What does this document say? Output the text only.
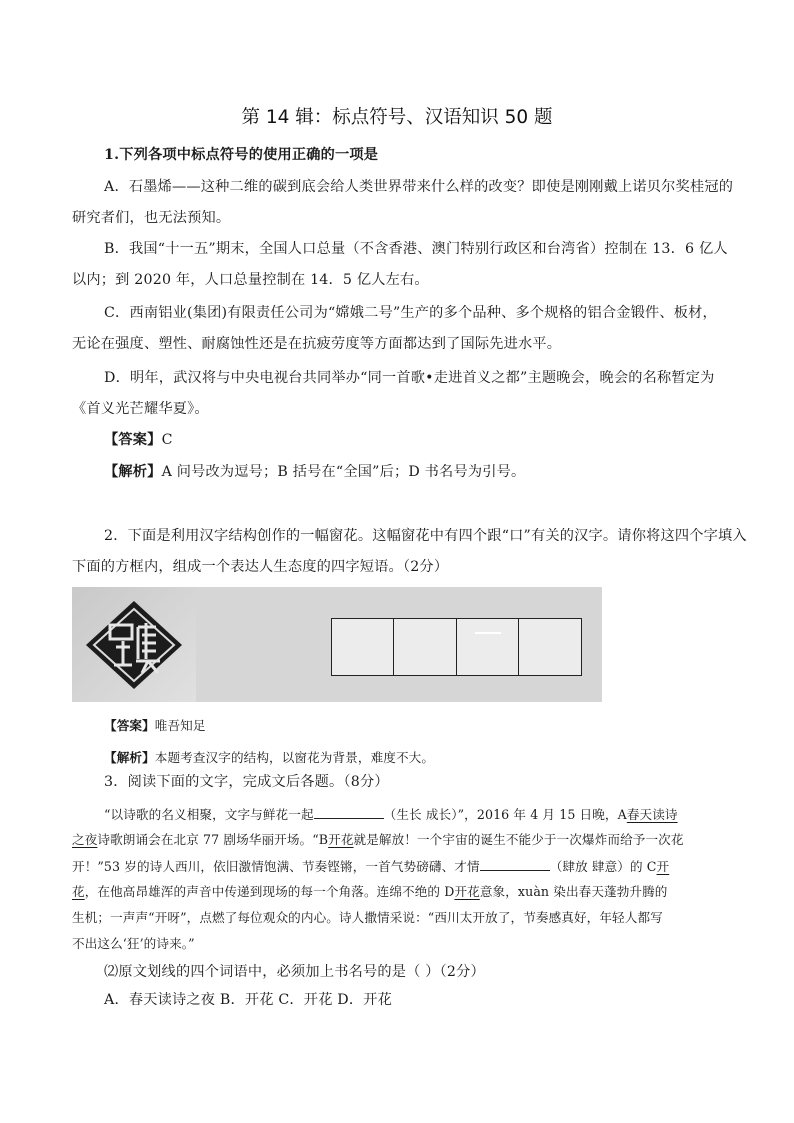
第 14 辑：标点符号、汉语知识 50 题
1.下列各项中标点符号的使用正确的一项是
A．石墨烯——这种二维的碳到底会给人类世界带来什么样的改变？即使是刚刚戴上诺贝尔奖桂冠的
研究者们，也无法预知。
B．我国“十一五”期末，全国人口总量（不含香港、澳门特别行政区和台湾省）控制在 13．6 亿人
以内；到 2020 年，人口总量控制在 14．5 亿人左右。
C．西南铝业(集团)有限责任公司为“嫦娥二号”生产的多个品种、多个规格的铝合金锻件、板材，
无论在强度、塑性、耐腐蚀性还是在抗疲劳度等方面都达到了国际先进水平。
D．明年，武汉将与中央电视台共同举办“同一首歌•走进首义之都”主题晚会，晚会的名称暂定为
《首义光芒耀华夏》。
【答案】C
【解析】A 问号改为逗号；B 括号在“全国”后；D 书名号为引号。
2．下面是利用汉字结构创作的一幅窗花。这幅窗花中有四个跟“口”有关的汉字。请你将这四个字填入
下面的方框内，组成一个表达人生态度的四字短语。（2分）
【答案】唯吾知足
【解析】本题考查汉字的结构，以窗花为背景，难度不大。
3．阅读下面的文字，完成文后各题。（8分）
“以诗歌的名义相聚，文字与鲜花一起	（生长 成长）”，2016 年 4 月 15 日晚，A春天读诗
之夜诗歌朗诵会在北京 77 剧场华丽开场。“B开花就是解放！一个宇宙的诞生不能少于一次爆炸而给予一次花
开！”53 岁的诗人西川，依旧激情饱满、节奏铿锵，一首气势磅礴、才情	（肆放 肆意）的 C开
花，在他高昂雄浑的声音中传递到现场的每一个角落。连绵不绝的 D开花意象，xuàn 染出春天蓬勃升腾的
生机；一声声“开呀”，点燃了每位观众的内心。诗人撒情采说：“西川太开放了，节奏感真好，年轻人都写
不出这么‘狂’的诗来。”
⑵原文划线的四个词语中，必须加上书名号的是（ ）（2分）
A．春天读诗之夜 B．开花 C．开花 D．开花
